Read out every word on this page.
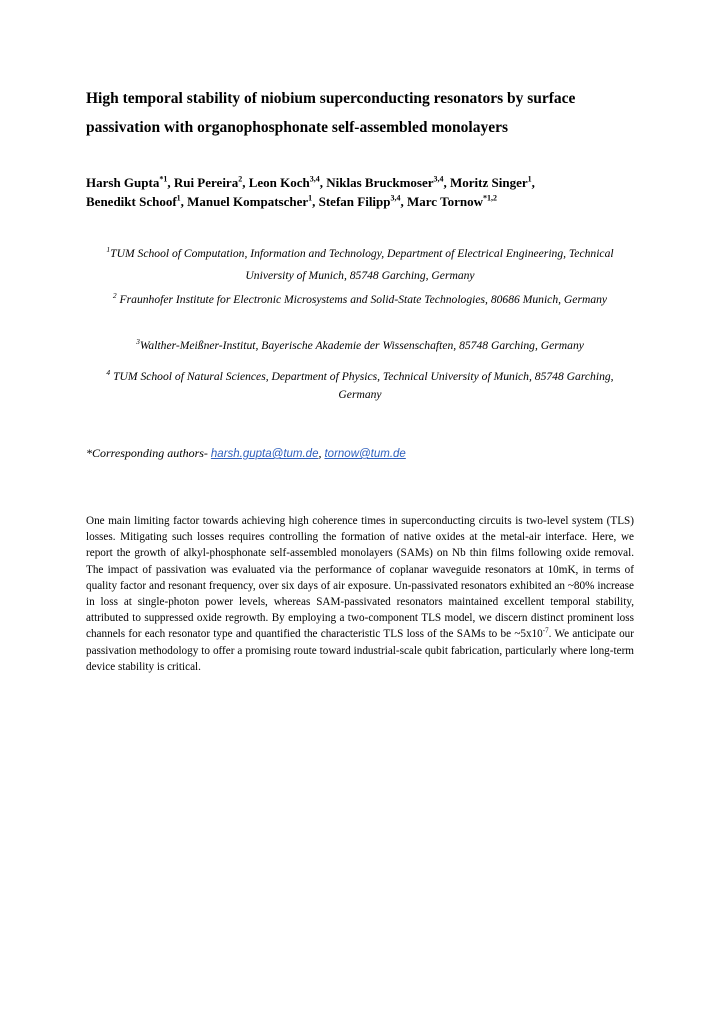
High temporal stability of niobium superconducting resonators by surface passivation with organophosphonate self-assembled monolayers
Harsh Gupta$^{*1}$, Rui Pereira$^2$, Leon Koch$^{3,4}$, Niklas Bruckmoser$^{3,4}$, Moritz Singer$^1$,
Benedikt Schoof$^1$, Manuel Kompatscher$^1$, Stefan Filipp$^{3,4}$, Marc Tornow$^{*1,2}$
$^1$TUM School of Computation, Information and Technology, Department of Electrical Engineering, Technical University of Munich, 85748 Garching, Germany
$^2$ Fraunhofer Institute for Electronic Microsystems and Solid-State Technologies, 80686 Munich, Germany
$^3$Walther-Meißner-Institut, Bayerische Akademie der Wissenschaften, 85748 Garching, Germany
$^4$ TUM School of Natural Sciences, Department of Physics, Technical University of Munich, 85748 Garching, Germany
*Corresponding authors- harsh.gupta@tum.de, tornow@tum.de
One main limiting factor towards achieving high coherence times in superconducting circuits is two-level system (TLS) losses. Mitigating such losses requires controlling the formation of native oxides at the metal-air interface. Here, we report the growth of alkyl-phosphonate self-assembled monolayers (SAMs) on Nb thin films following oxide removal. The impact of passivation was evaluated via the performance of coplanar waveguide resonators at 10mK, in terms of quality factor and resonant frequency, over six days of air exposure. Un-passivated resonators exhibited an ~80% increase in loss at single-photon power levels, whereas SAM-passivated resonators maintained excellent temporal stability, attributed to suppressed oxide regrowth. By employing a two-component TLS model, we discern distinct prominent loss channels for each resonator type and quantified the characteristic TLS loss of the SAMs to be $\sim 5x10^{-7}$. We anticipate our passivation methodology to offer a promising route toward industrial-scale qubit fabrication, particularly where long-term device stability is critical.
